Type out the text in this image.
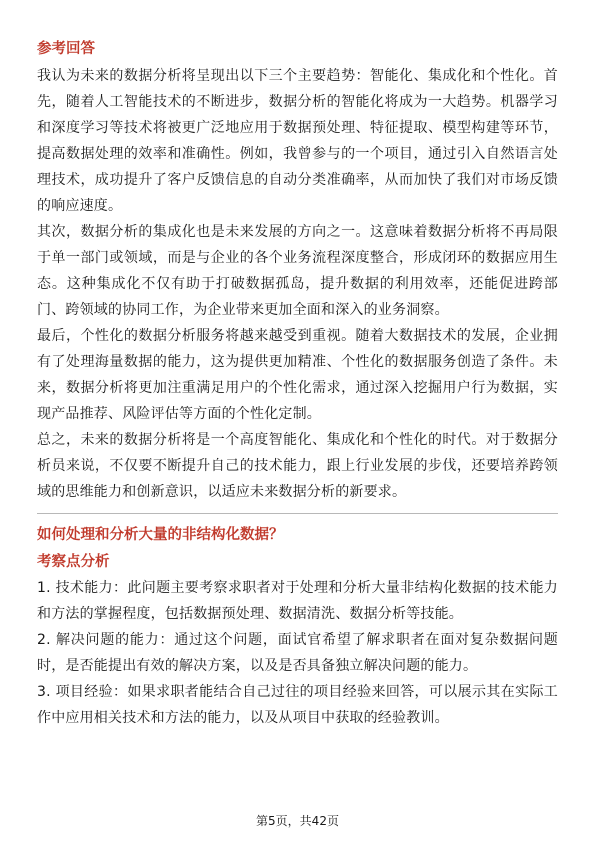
参考回答

我认为未来的数据分析将呈现出以下三个主要趋势：智能化、集成化和个性化。首先，随着人工智能技术的不断进步，数据分析的智能化将成为一大趋势。机器学习和深度学习等技术将被更广泛地应用于数据预处理、特征提取、模型构建等环节，提高数据处理的效率和准确性。例如，我曾参与的一个项目，通过引入自然语言处理技术，成功提升了客户反馈信息的自动分类准确率，从而加快了我们对市场反馈的响应速度。

其次，数据分析的集成化也是未来发展的方向之一。这意味着数据分析将不再局限于单一部门或领域，而是与企业的各个业务流程深度整合，形成闭环的数据应用生态。这种集成化不仅有助于打破数据孤岛，提升数据的利用效率，还能促进跨部门、跨领域的协同工作，为企业带来更加全面和深入的业务洞察。

最后，个性化的数据分析服务将越来越受到重视。随着大数据技术的发展，企业拥有了处理海量数据的能力，这为提供更加精准、个性化的数据服务创造了条件。未来，数据分析将更加注重满足用户的个性化需求，通过深入挖掘用户行为数据，实现产品推荐、风险评估等方面的个性化定制。

总之，未来的数据分析将是一个高度智能化、集成化和个性化的时代。对于数据分析员来说，不仅要不断提升自己的技术能力，跟上行业发展的步伐，还要培养跨领域的思维能力和创新意识，以适应未来数据分析的新要求。

如何处理和分析大量的非结构化数据？
考察点分析

1. 技术能力：此问题主要考察求职者对于处理和分析大量非结构化数据的技术能力和方法的掌握程度，包括数据预处理、数据清洗、数据分析等技能。

2. 解决问题的能力：通过这个问题，面试官希望了解求职者在面对复杂数据问题时，是否能提出有效的解决方案，以及是否具备独立解决问题的能力。

3. 项目经验：如果求职者能结合自己过往的项目经验来回答，可以展示其在实际工作中应用相关技术和方法的能力，以及从项目中获取的经验教训。

第5页，共42页
